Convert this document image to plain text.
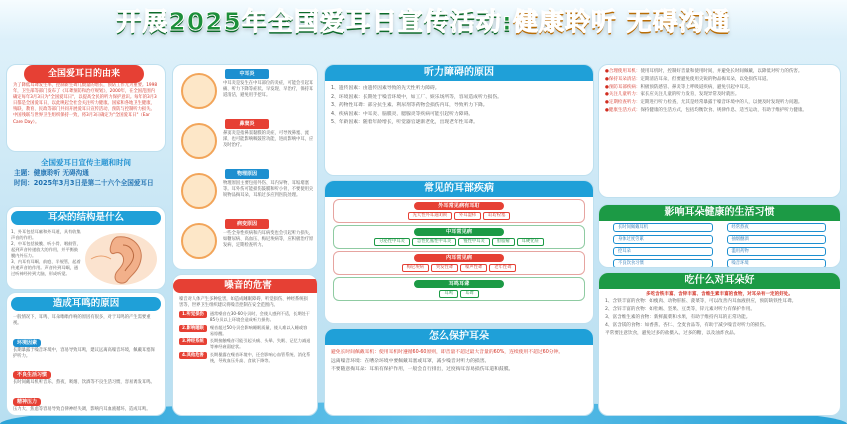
开展2025年全国爱耳日宣传活动:健康聆听 无碍沟通
全国爱耳日的由来

为了降低耳聋发生率，控制新生聋儿数量的增长，预防工作尤为重要。1998年，卫生部等部门发布了《耳聋预防和治疗规划》，2000年，在全国范围内确定每年3月3日为"全国爱耳日"，以提高全民的听力保护意识。每年的3月3日都是全国爱耳日，以此唤起全社会关注听力健康。国家和各地卫生健康、残联、教育、民政等部门共同开展爱耳日宣传活动，预防与控制听力损失。中国残联与世界卫生组织保持一致，将3月3日确定为"全国爱耳日"（Ear Care Day）。

全国爱耳日宣传主题和时间
主题：健康聆听 无碍沟通
时间：2025年3月3日是第二十六个全国爱耳日
耳朵的结构是什么

1、外耳包括耳廓和外耳道，具有收集声音的作用。

2、中耳包括鼓膜、听小骨、咽鼓管，起到声音传递放大的作用，并平衡鼓膜内外压力。

3、内耳有耳蜗、前庭、半规管，起着传递声音的作用。声音传到耳蜗，通过听神经传到大脑，形成听觉。

造成耳鸣的原因

一般情况下，耳鸣、耳朵嗡嗡作响的原因有很多，对于耳鸣的产生需要重视。

环境因素

长期暴露于噪音环境中，容易导致耳鸣，建议远离高噪音环境，佩戴耳塞保护听力。

不良生活习惯

长时间戴耳机听音乐、熬夜、吸烟、饮酒等不良生活习惯，容易诱发耳鸣。

精神压力

压力大、焦虑等容易导致自律神经失调，影响内耳血液循环，造成耳鸣。

中耳炎
中耳炎是发生在中耳部位的炎症，可能会引起耳痛、听力下降等症状。早发现、早治疗，保持耳道清洁，避免用手挖耳。
鼻窦炎
鼻窦炎是指鼻窦黏膜的炎症，可导致鼻塞、流涕，也可能影响咽鼓管功能，进而影响中耳，应及时治疗。
物理原因
物理原因主要包括外伤、耳内异物、耳垢堵塞等。耳外伤可能损伤鼓膜和听小骨，不要使用尖锐物品掏耳朵，耳垢过多应到医院处理。
病变原因
一些全身性疾病和内耳病变也会引起听力损失，如糖尿病、高血压、梅尼埃病等，应积极治疗原发病，定期检查听力。
噪音的危害

噪音对人体产生多种危害，如造成睡眠障碍、听觉损伤、神经系统损害等，世界卫生组织建议将噪音控制在安全范围内。

1.听觉损伤	通常噪音在30-60分贝时，会使人感到不适，长期处于85分贝以上环境会造成听力损伤。
2.影响睡眠	噪音超过50分贝会影响睡眠质量，使人难以入睡或容易惊醒。
3.神经系统	长期接触噪音可能引起头痛、头晕、失眠、记忆力减退等神经衰弱症状。
4.其他危害	长期暴露在噪音环境中，还会影响心血管系统、消化系统，导致血压升高、食欲下降等。
听力障碍的原因

1、遗传因素：由遗传因素导致的先天性听力障碍。

2、环境因素：长期处于噪音环境中，如工厂、娱乐场所等，容易造成听力损伤。

3、药物性耳聋：部分抗生素、利尿剂等药物会损伤内耳，导致听力下降。

4、疾病因素：中耳炎、脑膜炎、腮腺炎等疾病可能引起听力障碍。

5、年龄因素：随着年龄增长，听觉器官逐渐老化，出现老年性耳聋。

常见的耳部疾病
外耳常见病有耳耵
先天性外耳道闭锁	外耳湿疹	耵聍栓塞
中耳常见病
分泌性中耳炎	急性化脓性中耳炎	慢性中耳炎	胆脂瘤	耳硬化症
内耳常见病
梅尼埃病	突发性聋	噪声性聋	老年性聋
耳鸣耳聋
耳鸣	耳聋
怎么保护耳朵

避免长时间佩戴耳机：使用耳机时遵循60-60原则，即音量不超过最大音量的60%，连续使用不超过60分钟。

远离噪音环境：在嘈杂环境中要佩戴耳塞或耳罩，减少噪音对听力的损害。

不要随意掏耳朵：耳垢有保护作用，一般会自行排出，过度掏耳容易损伤耳道和鼓膜。

●合理使用耳机：使用耳机时，控制好音量和使用时间，并避免长时间佩戴，以降低对听力的伤害。

●保持耳朵清洁：定期清洁耳朵，但要避免使用尖锐的物品掏耳朵，以免损伤耳道。

●预防耳部疾病：积极预防感冒、鼻炎等上呼吸道疾病，避免引起中耳炎。

●关注儿童听力：家长应关注儿童的听力发育，发现异常及时就医。

●定期检查听力：定期进行听力检查，尤其是经常暴露于噪音环境中的人，以便及时发现听力问题。

●健康生活方式：保持健康的生活方式，包括均衡饮食、规律作息、适当运动，有助于维护听力健康。

影响耳朵健康的生活习惯
长时间佩戴耳机	经常熬夜
身体过度劳累	抽烟酗酒
挖耳朵	滥用药物
不良饮食习惯	噪音环境
吃什么对耳朵好
多吃含铁丰富、含锌丰富、含维生素丰富的食物，对耳朵有一定的好处。

1、含铁丰富的食物：如瘦肉、动物肝脏、菠菜等，可以改善内耳血液供应，预防缺铁性耳聋。

2、含锌丰富的食物：如牡蛎、坚果、豆类等，锌元素对听力有保护作用。

3、富含维生素的食物：新鲜蔬菜和水果，有助于维持内耳的正常功能。

4、富含镁的食物：如香蕉、杏仁、全麦食品等，有助于减少噪音对听力的损伤。

平常要注意饮食，避免过多的盐摄入、过多的糖，以及油炸食品。
